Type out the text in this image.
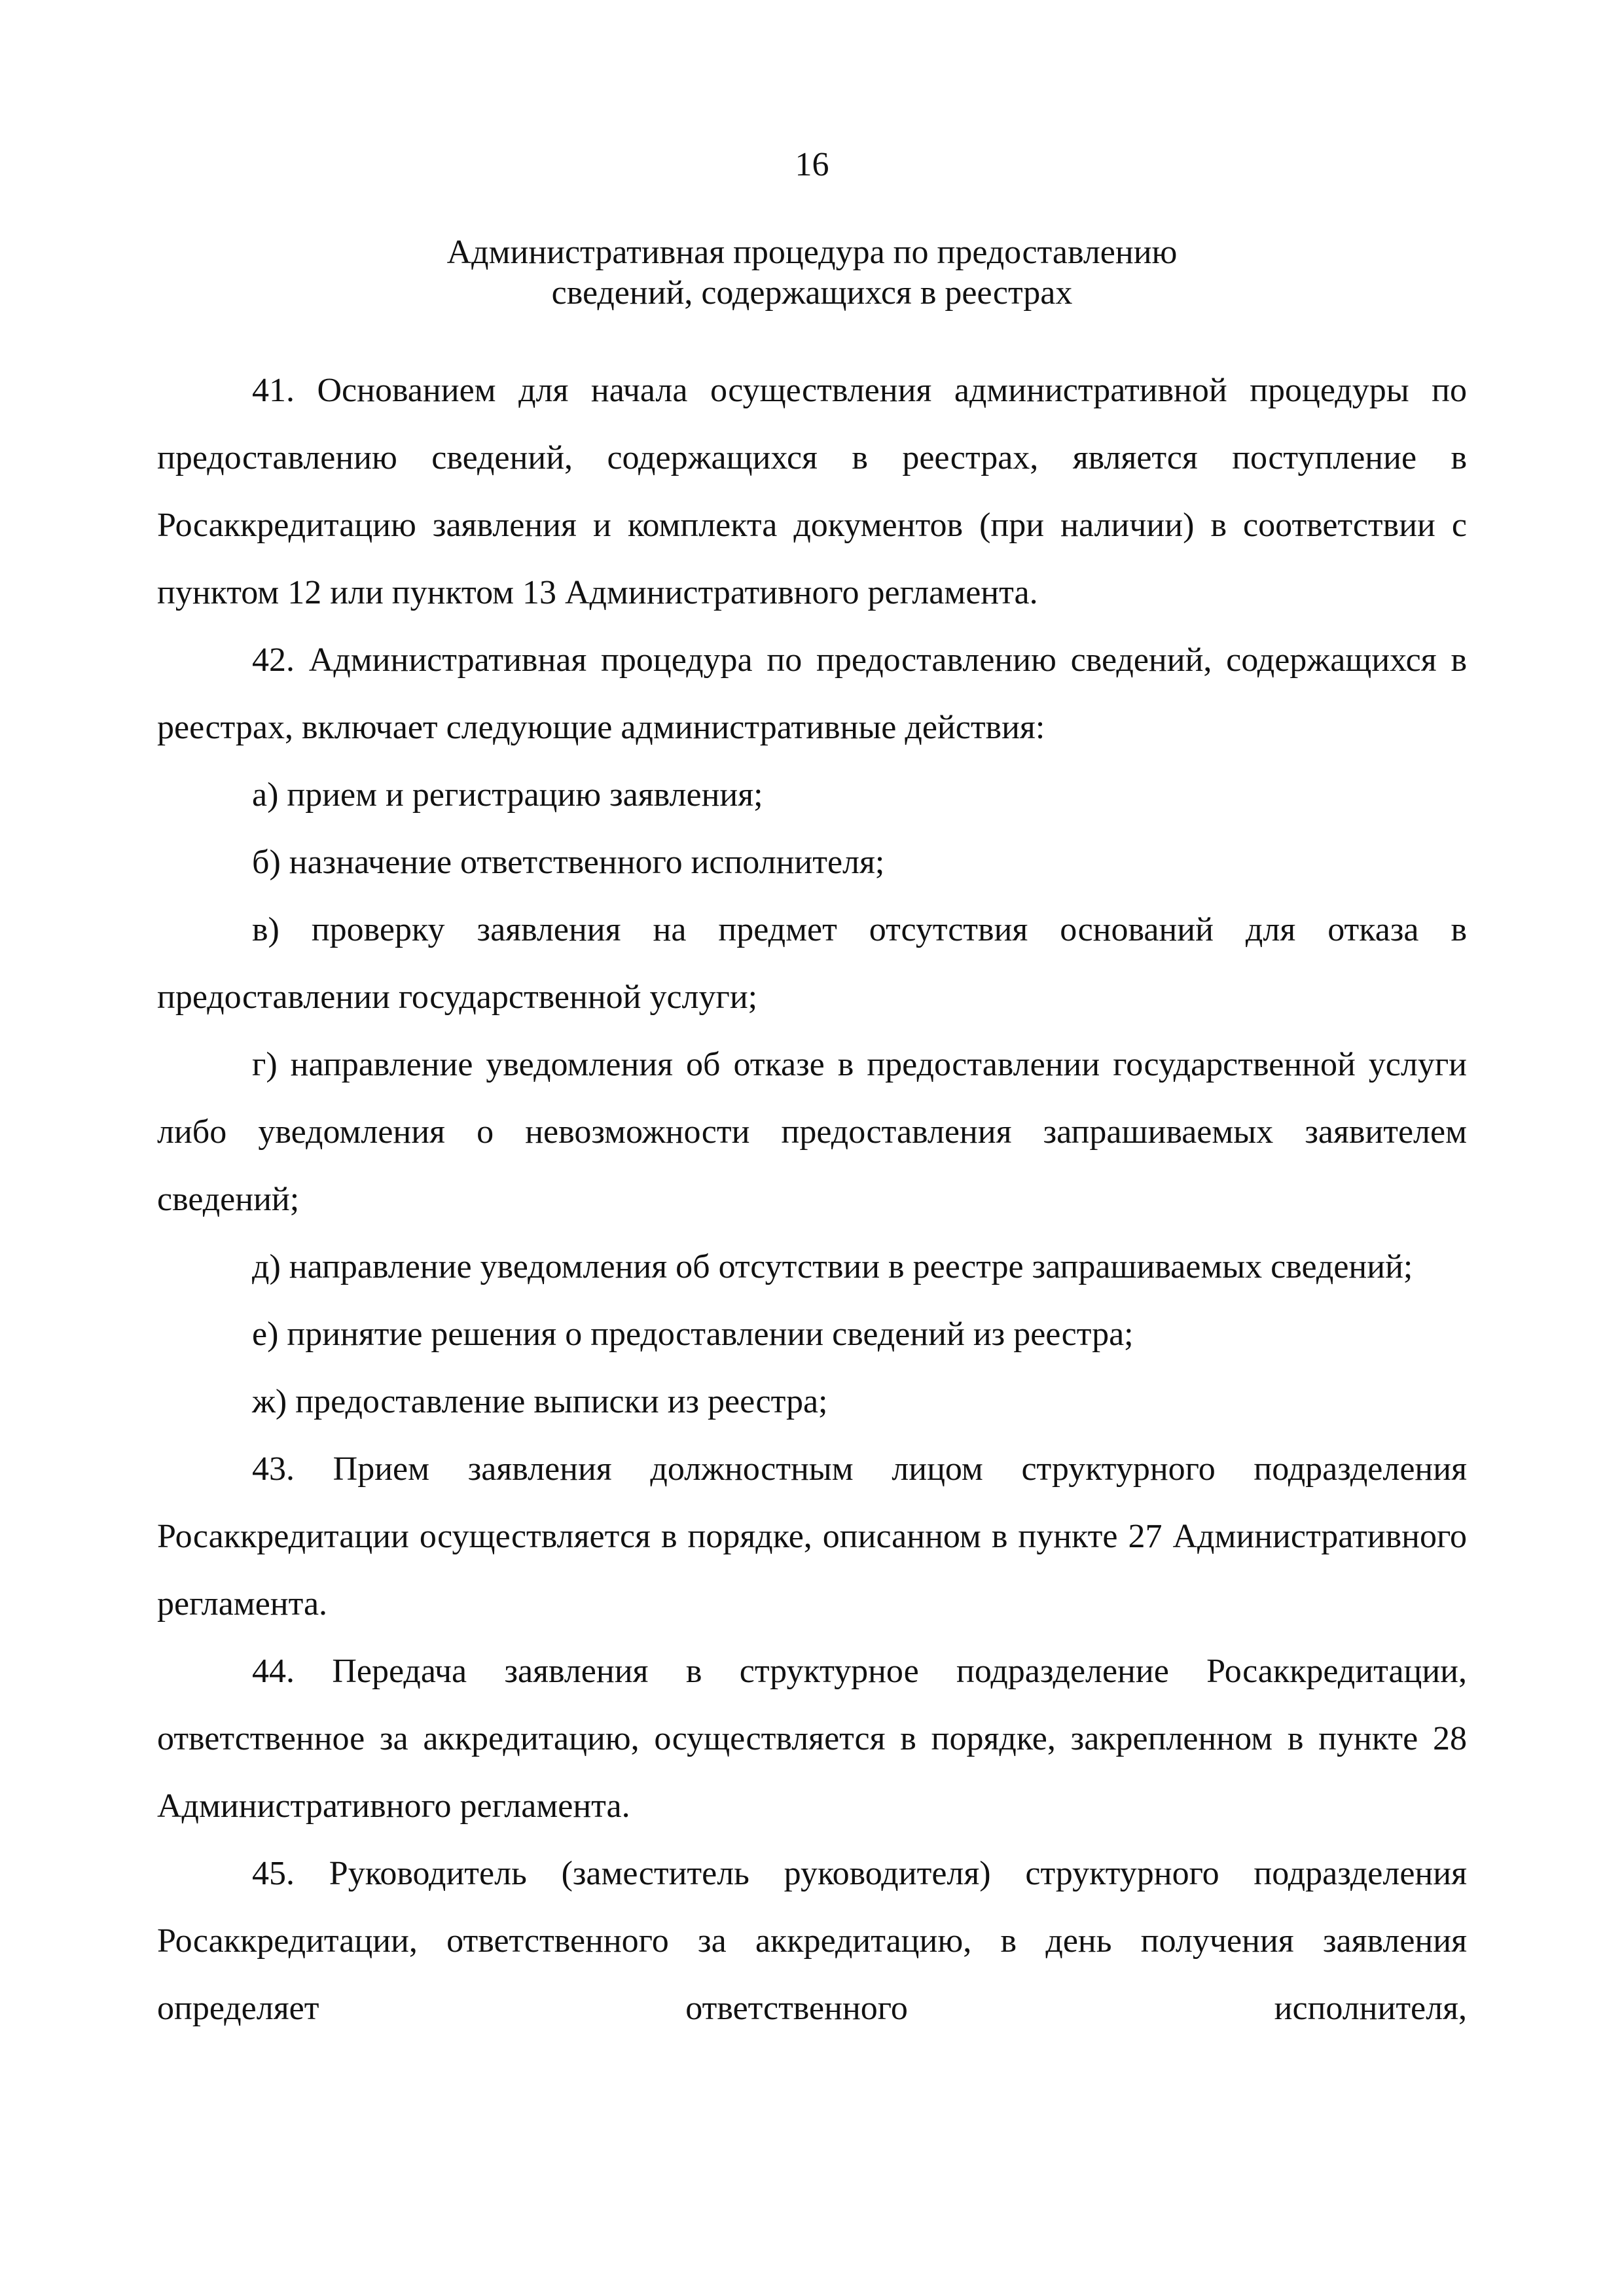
16
Административная процедура по предоставлению
сведений, содержащихся в реестрах

41. Основанием для начала осуществления административной процедуры по предоставлению сведений, содержащихся в реестрах, является поступление в Росаккредитацию заявления и комплекта документов (при наличии) в соответствии с пунктом 12 или пунктом 13 Административного регламента.

42. Административная процедура по предоставлению сведений, содержащихся в реестрах, включает следующие административные действия:

а) прием и регистрацию заявления;

б) назначение ответственного исполнителя;

в) проверку заявления на предмет отсутствия оснований для отказа в предоставлении государственной услуги;

г) направление уведомления об отказе в предоставлении государственной услуги либо уведомления о невозможности предоставления запрашиваемых заявителем сведений;

д) направление уведомления об отсутствии в реестре запрашиваемых сведений;

е) принятие решения о предоставлении сведений из реестра;

ж) предоставление выписки из реестра;

43. Прием заявления должностным лицом структурного подразделения Росаккредитации осуществляется в порядке, описанном в пункте 27 Административного регламента.

44. Передача заявления в структурное подразделение Росаккредитации, ответственное за аккредитацию, осуществляется в порядке, закрепленном в пункте 28 Административного регламента.

45. Руководитель (заместитель руководителя) структурного подразделения Росаккредитации, ответственного за аккредитацию, в день получения заявления определяет ответственного исполнителя,
